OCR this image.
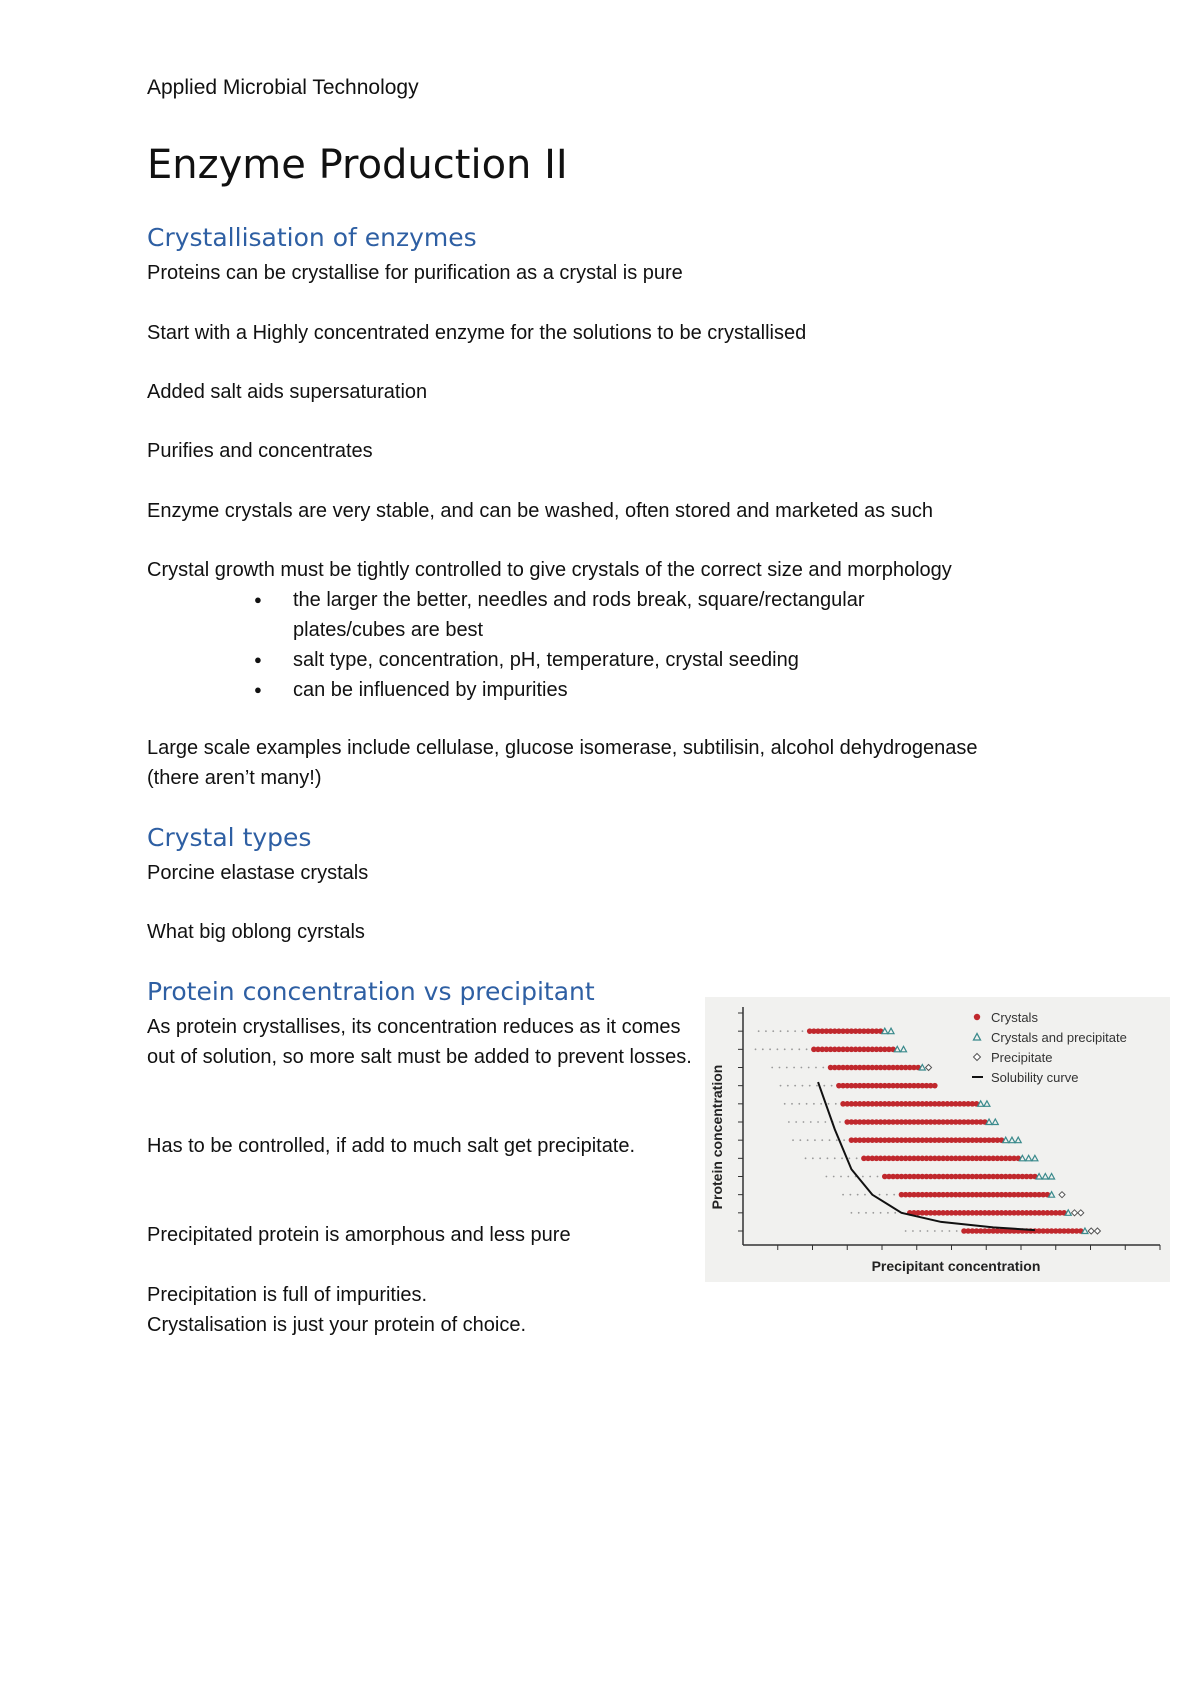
Applied Microbial Technology
Enzyme Production II
Crystallisation of enzymes

Proteins can be crystallise for purification as a crystal is pure

Start with a Highly concentrated enzyme for the solutions to be crystallised

Added salt aids supersaturation

Purifies and concentrates

Enzyme crystals are very stable, and can be washed, often stored and marketed as such

Crystal growth must be tightly controlled to give crystals of the correct size and morphology

● the larger the better, needles and rods break, square/rectangular plates/cubes are best
● salt type, concentration, pH, temperature, crystal seeding
● can be influenced by impurities

Large scale examples include cellulase, glucose isomerase, subtilisin, alcohol dehydrogenase

(there aren’t many!)

Crystal types

Porcine elastase crystals

What big oblong cyrstals

Protein concentration vs precipitant

As protein crystallises, its concentration reduces as it comes out of solution, so more salt must be added to prevent losses.

Has to be controlled, if add to much salt get precipitate.

Precipitated protein is amorphous and less pure

Precipitation is full of impurities.

Crystalisation is just your protein of choice.

Crystals
Crystals and precipitate
Precipitate
Solubility curve
Precipitant concentration
Protein concentration
